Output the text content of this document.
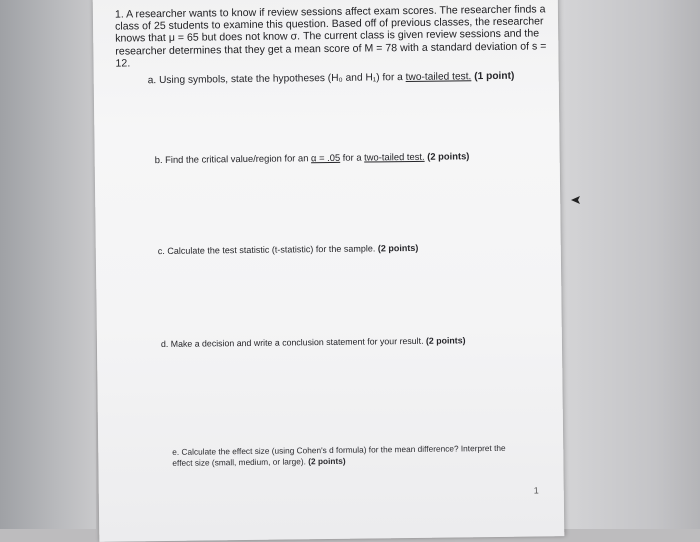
1. A researcher wants to know if review sessions affect exam scores. The researcher finds a
class of 25 students to examine this question. Based off of previous classes, the researcher
knows that μ = 65 but does not know σ. The current class is given review sessions and the
researcher determines that they get a mean score of M = 78 with a standard deviation of s = 12.
a. Using symbols, state the hypotheses (H₀ and H₁) for a two-tailed test. (1 point)
b. Find the critical value/region for an α = .05 for a two-tailed test. (2 points)
c. Calculate the test statistic (t-statistic) for the sample. (2 points)
d. Make a decision and write a conclusion statement for your result. (2 points)
e. Calculate the effect size (using Cohen's d formula) for the mean difference? Interpret the
effect size (small, medium, or large). (2 points)
1
